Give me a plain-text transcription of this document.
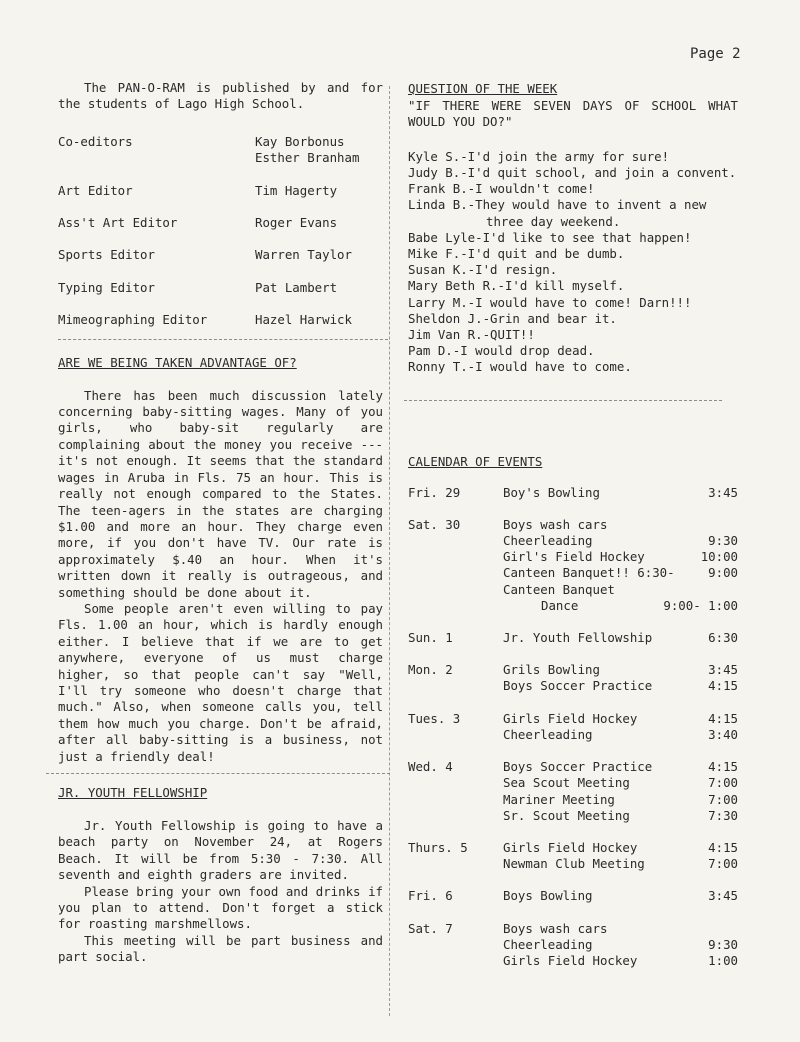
Page 2

The PAN-O-RAM is published by and for the students of Lago High School.

Co-editors	Kay Borbonus
Esther Branham
Art Editor	Tim Hagerty
Ass't Art Editor	Roger Evans
Sports Editor	Warren Taylor
Typing Editor	Pat Lambert
Mimeographing Editor	Hazel Harwick

ARE WE BEING TAKEN ADVANTAGE OF?

There has been much discussion lately concerning baby-sitting wages. Many of you girls, who baby-sit regularly are complaining about the money you receive ---it's not enough. It seems that the standard wages in Aruba in Fls. 75 an hour. This is really not enough compared to the States. The teen-agers in the states are charging $1.00 and more an hour. They charge even more, if you don't have TV. Our rate is approximately $.40 an hour. When it's written down it really is outrageous, and something should be done about it.

Some people aren't even willing to pay Fls. 1.00 an hour, which is hardly enough either. I believe that if we are to get anywhere, everyone of us must charge higher, so that people can't say "Well, I'll try someone who doesn't charge that much." Also, when someone calls you, tell them how much you charge. Don't be afraid, after all baby-sitting is a business, not just a friendly deal!

JR. YOUTH FELLOWSHIP

Jr. Youth Fellowship is going to have a beach party on November 24, at Rogers Beach. It will be from 5:30 - 7:30. All seventh and eighth graders are invited.

Please bring your own food and drinks if you plan to attend. Don't forget a stick for roasting marshmellows.

This meeting will be part business and part social.

QUESTION OF THE WEEK

"IF THERE WERE SEVEN DAYS OF SCHOOL WHAT WOULD YOU DO?"

Kyle S.-I'd join the army for sure!
Judy B.-I'd quit school, and join a convent.
Frank B.-I wouldn't come!
Linda B.-They would have to invent a new three day weekend.
Babe Lyle-I'd like to see that happen!
Mike F.-I'd quit and be dumb.
Susan K.-I'd resign.
Mary Beth R.-I'd kill myself.
Larry M.-I would have to come! Darn!!!
Sheldon J.-Grin and bear it.
Jim Van R.-QUIT!!
Pam D.-I would drop dead.
Ronny T.-I would have to come.

CALENDAR OF EVENTS

Fri. 29	Boy's Bowling	3:45
Sat. 30	Boys wash cars
Cheerleading	9:30
Girl's Field Hockey	10:00
Canteen Banquet!! 6:30-	9:00
Canteen Banquet
Dance	9:00- 1:00
Sun. 1	Jr. Youth Fellowship	6:30
Mon. 2	Grils Bowling	3:45
Boys Soccer Practice	4:15
Tues. 3	Girls Field Hockey	4:15
Cheerleading	3:40
Wed. 4	Boys Soccer Practice	4:15
Sea Scout Meeting	7:00
Mariner Meeting	7:00
Sr. Scout Meeting	7:30
Thurs. 5	Girls Field Hockey	4:15
Newman Club Meeting	7:00
Fri. 6	Boys Bowling	3:45
Sat. 7	Boys wash cars
Cheerleading	9:30
Girls Field Hockey	1:00
